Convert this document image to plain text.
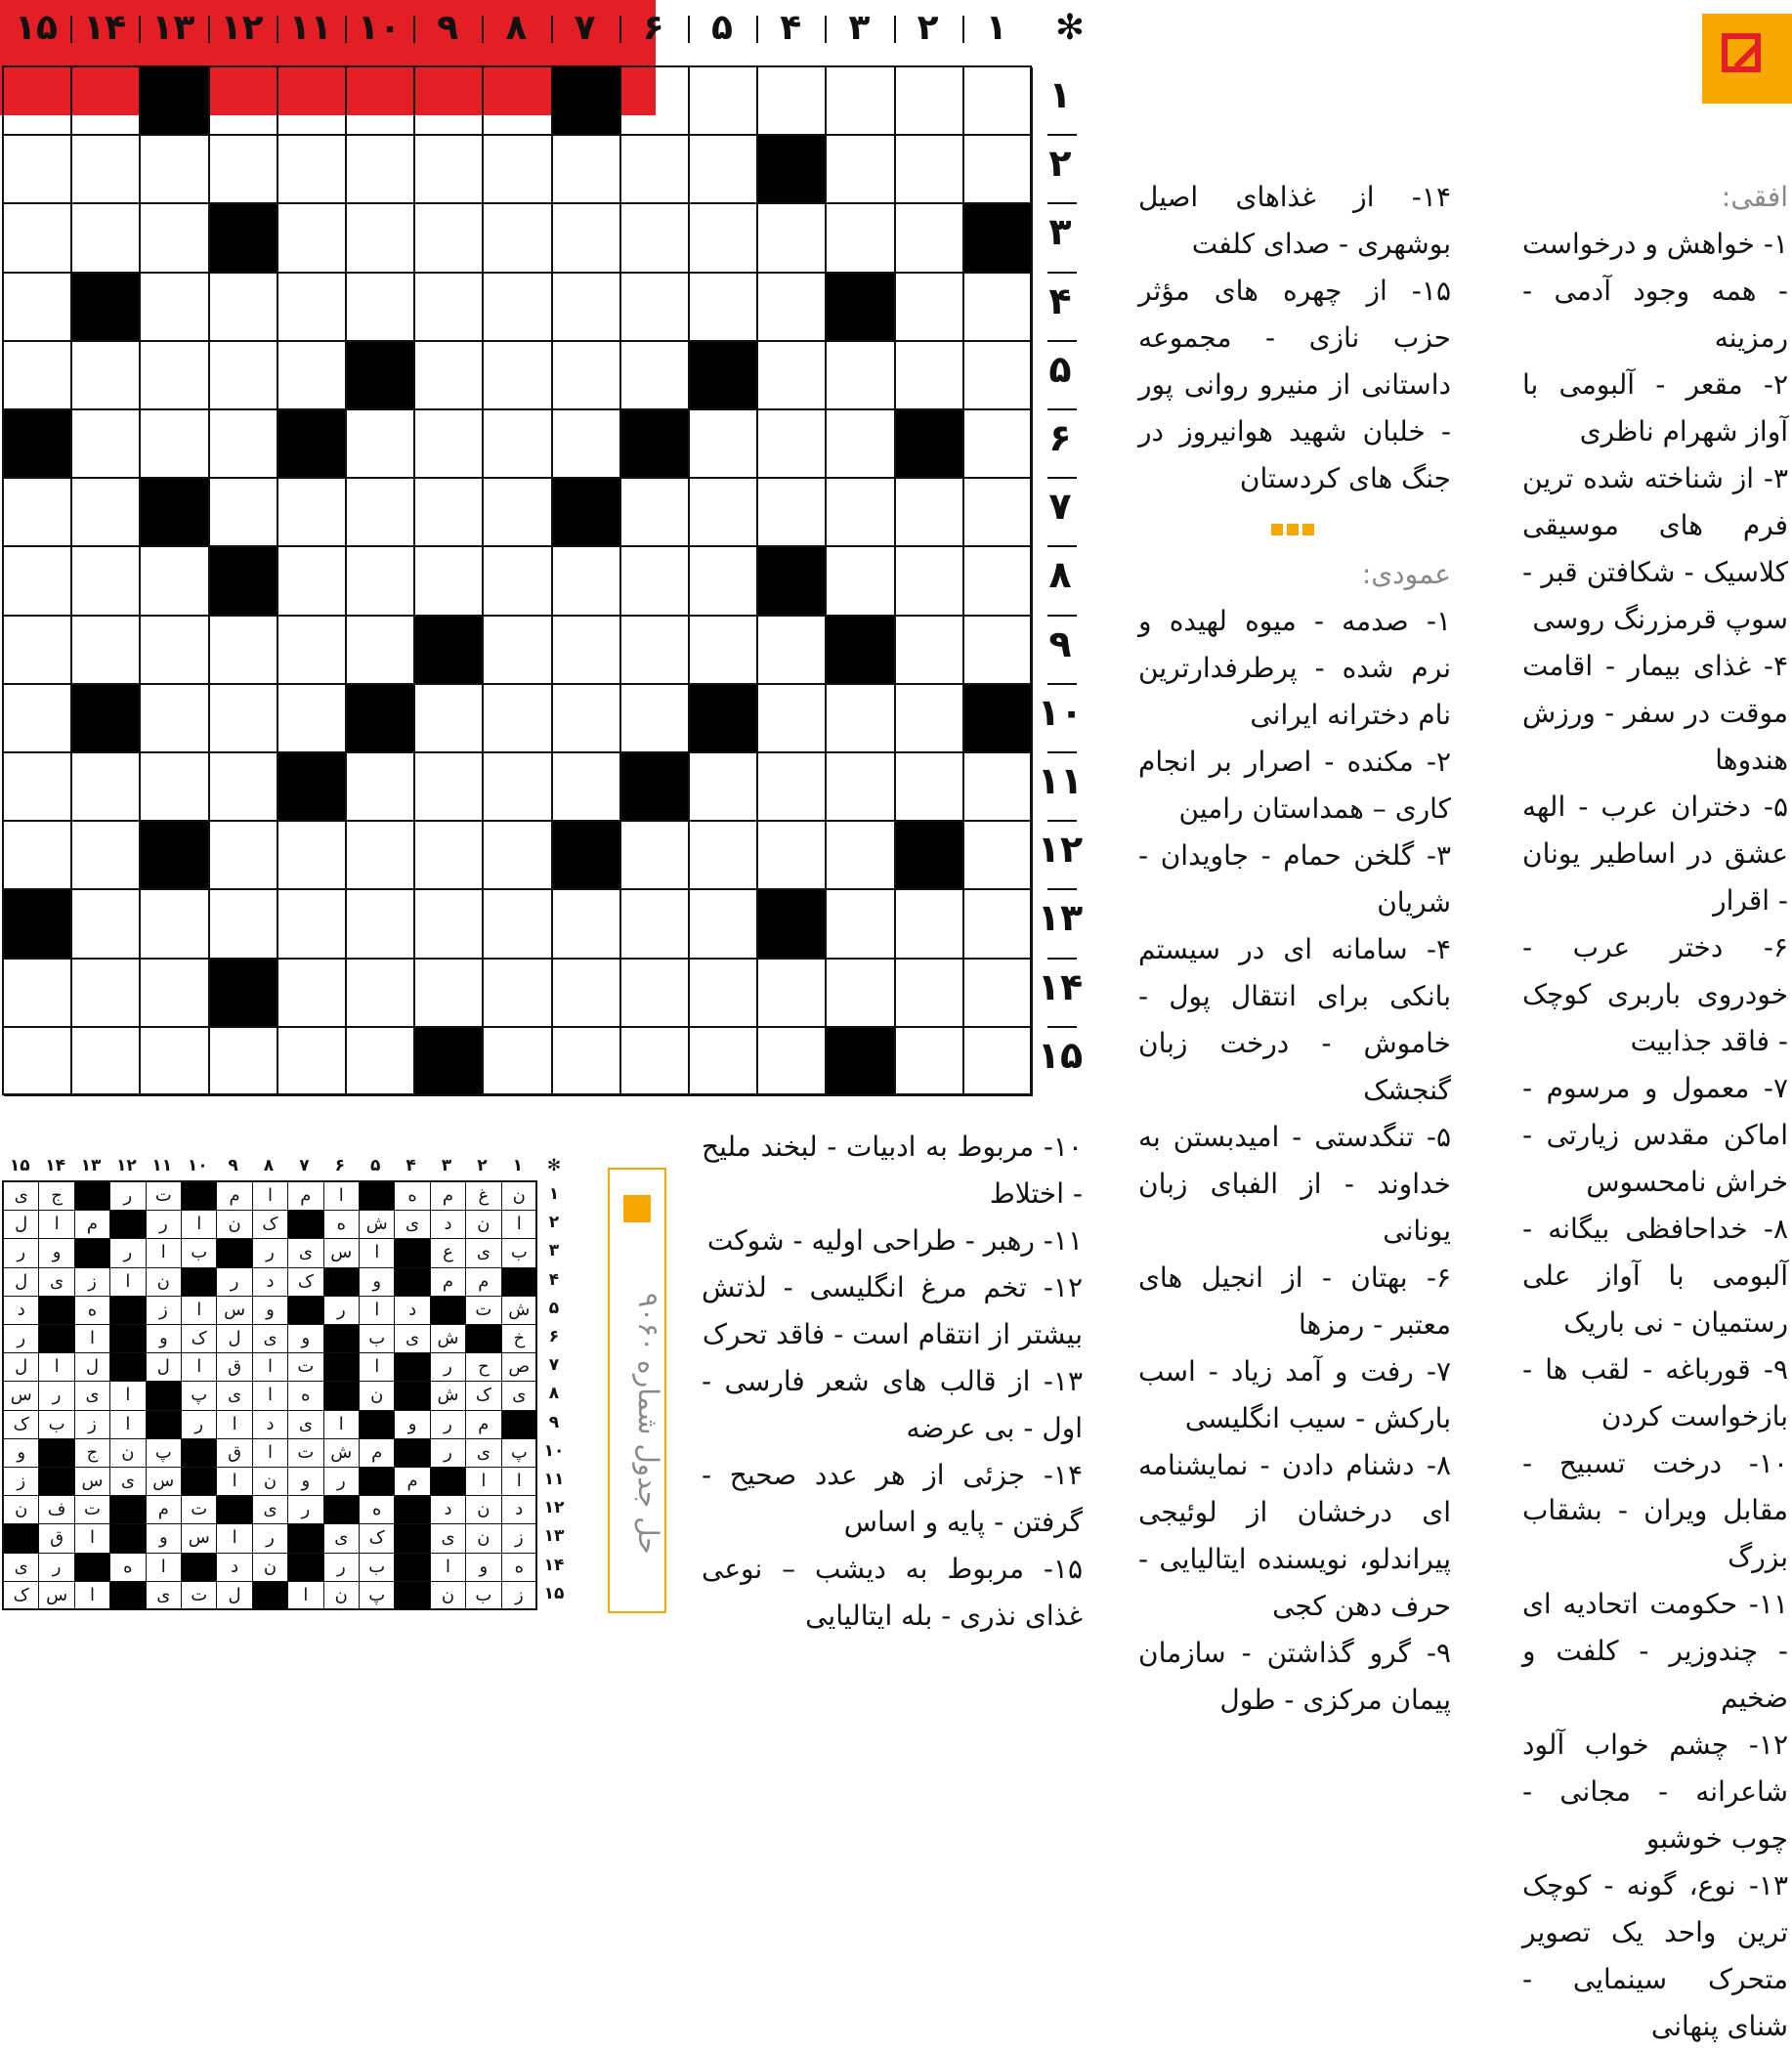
جدول ۹۰۶۱
۱
۲
۳
۴
۵
۶
۷
۸
۹
۱۰
۱۱
۱۲
۱۳
۱۴
۱۵	✻
۱
۲
۳
۴
۵
۶
۷
۸
۹
۱۰
۱۱
۱۲
۱۳
۱۴
۱۵

افقی:

۱- خواهش و درخواست - همه وجود آدمی - رمزینه

۲- مقعر - آلبومی با آواز شهرام ناظری

۳- از شناخته شده ترین فرم های موسیقی کلاسیک - شکافتن قبر - سوپ قرمزرنگ روسی

۴- غذای بیمار - اقامت موقت در سفر - ورزش هندوها

۵- دختران عرب - الهه عشق در اساطیر یونان - اقرار

۶- دختر عرب - خودروی باربری کوچک - فاقد جذابیت

۷- معمول و مرسوم - اماکن مقدس زیارتی - خراش نامحسوس

۸- خداحافظی بیگانه - آلبومی با آواز علی رستمیان - نی باریک

۹- قورباغه - لقب ها - بازخواست کردن

۱۰- درخت تسبیح - مقابل ویران - بشقاب بزرگ

۱۱- حکومت اتحادیه ای - چندوزیر - کلفت و ضخیم

۱۲- چشم خواب آلود شاعرانه - مجانی - چوب خوشبو

۱۳- نوع، گونه - کوچک ترین واحد یک تصویر متحرک سینمایی - شنای پنهانی

۱۴- از غذاهای اصیل بوشهری - صدای کلفت

۱۵- از چهره های مؤثر حزب نازی - مجموعه داستانی از منیرو روانی پور - خلبان شهید هوانیروز در جنگ های کردستان

عمودی:

۱- صدمه - میوه لهیده و نرم شده - پرطرفدارترین نام دخترانه ایرانی

۲- مکنده - اصرار بر انجام کاری – همداستان رامین

۳- گلخن حمام - جاویدان - شریان

۴- سامانه ای در سیستم بانکی برای انتقال پول - خاموش - درخت زبان گنجشک

۵- تنگدستی - امیدبستن به خداوند - از الفبای زبان یونانی

۶- بهتان - از انجیل های معتبر - رمزها

۷- رفت و آمد زیاد - اسب بارکش - سیب انگلیسی

۸- دشنام دادن - نمایشنامه ای درخشان از لوئیجی پیراندلو، نویسنده ایتالیایی - حرف دهن کجی

۹- گرو گذاشتن - سازمان پیمان مرکزی - طول

۱۰- مربوط به ادبیات - لبخند ملیح - اختلاط

۱۱- رهبر - طراحی اولیه - شوکت

۱۲- تخم مرغ انگلیسی - لذتش بیشتر از انتقام است - فاقد تحرک

۱۳- از قالب های شعر فارسی - اول - بی عرضه

۱۴- جزئی از هر عدد صحیح - گرفتن - پایه و اساس

۱۵- مربوط به دیشب – نوعی غذای نذری - بله ایتالیایی

حل جدول شماره ۹۰۶۰
۱
۲
۳
۴
۵
۶
۷
۸
۹
۱۰
۱۱
۱۲
۱۳
۱۴
۱۵	✻
۱
۲
۳
۴
۵
۶
۷
۸
۹
۱۰
۱۱
۱۲
۱۳
۱۴
۱۵
ن
غ
م
ه
ا
م
ا
م
ت
ر
ج
ی
ا
ن
د
ی
ش
ه
ک
ن
ا
ر
م
ا
ل
ب
ی
ع
ا
س
ی
ر
ب
ا
ر
و
ر
م
م
و
ک
د
ر
ن
ا
ز
ی
ل
ش
ت
د
ا
ر
و
س
ا
ز
ه
د
خ
ش
ی
ب
و
ی
ل
ک
و
ا
ر
ص
ح
ر
ا
ت
ا
ق
ا
ل
ل
ا
ل
ی
ک
ش
ن
ه
ا
ی
پ
ا
ی
ر
س
م
ر
و
ا
ی
د
ا
ر
ا
ز
ب
ک
پ
ی
ر
م
ش
ت
ا
ق
پ
ن
ج
و
ا
ا
م
ر
و
ن
ا
س
ی
س
ز
د
ن
د
ه
ر
ی
ت
م
ت
ف
ن
ز
ن
ی
ک
ی
ر
ا
س
و
ا
ق
ه
و
ا
ب
ر
ن
د
ا
ه
ر
ی
ز
ب
ن
پ
ن
ا
ل
ت
ی
ا
س
ک
